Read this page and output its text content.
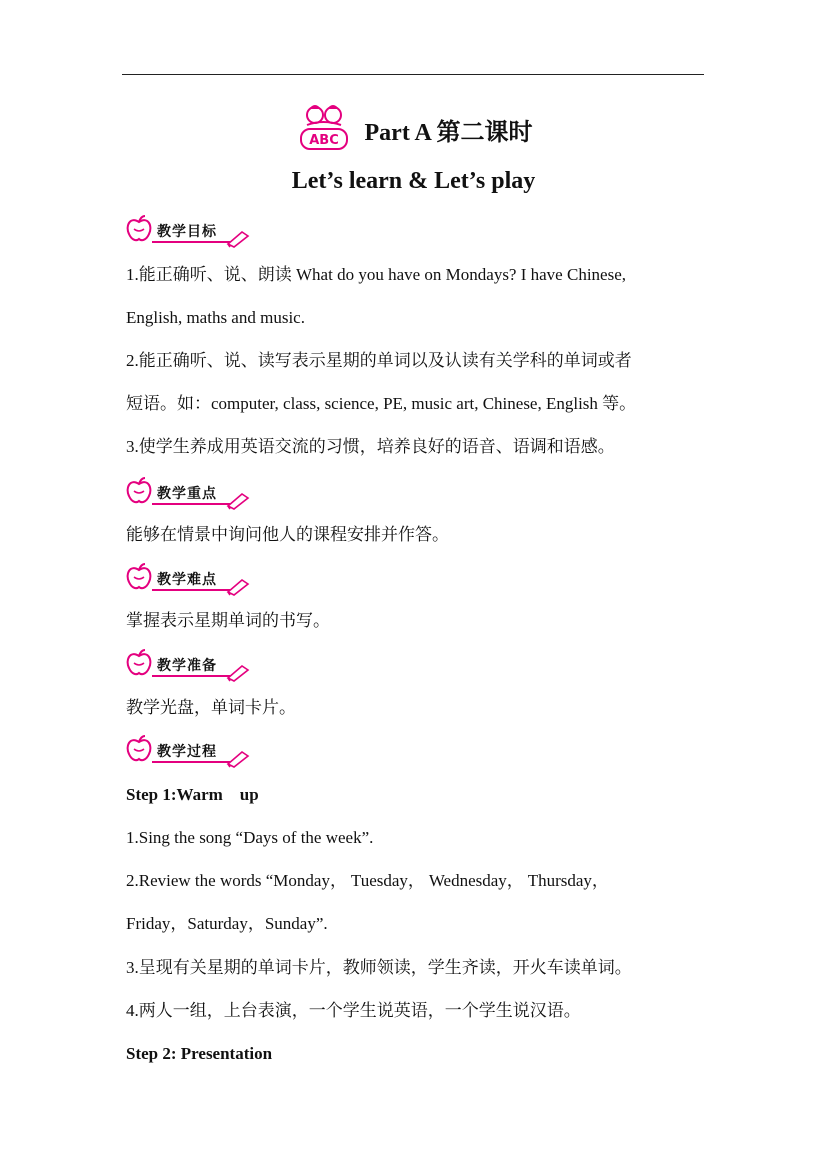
ABC Part A 第二课时
Let’s learn & Let’s play
教学目标
1.能正确听、说、朗读 What do you have on Mondays? I have Chinese,
English, maths and music.
2.能正确听、说、读写表示星期的单词以及认读有关学科的单词或者
短语。如：computer, class, science, PE, music art, Chinese, English 等。
3.使学生养成用英语交流的习惯，培养良好的语音、语调和语感。
教学重点
能够在情景中询问他人的课程安排并作答。
教学难点
掌握表示星期单词的书写。
教学准备
教学光盘，单词卡片。
教学过程
Step 1:Warm　up
1.Sing the song “Days of the week”.
2.Review the words “Monday， Tuesday， Wednesday， Thursday，
Friday，Saturday，Sunday”.
3.呈现有关星期的单词卡片，教师领读，学生齐读，开火车读单词。
4.两人一组，上台表演，一个学生说英语，一个学生说汉语。
Step 2: Presentation
